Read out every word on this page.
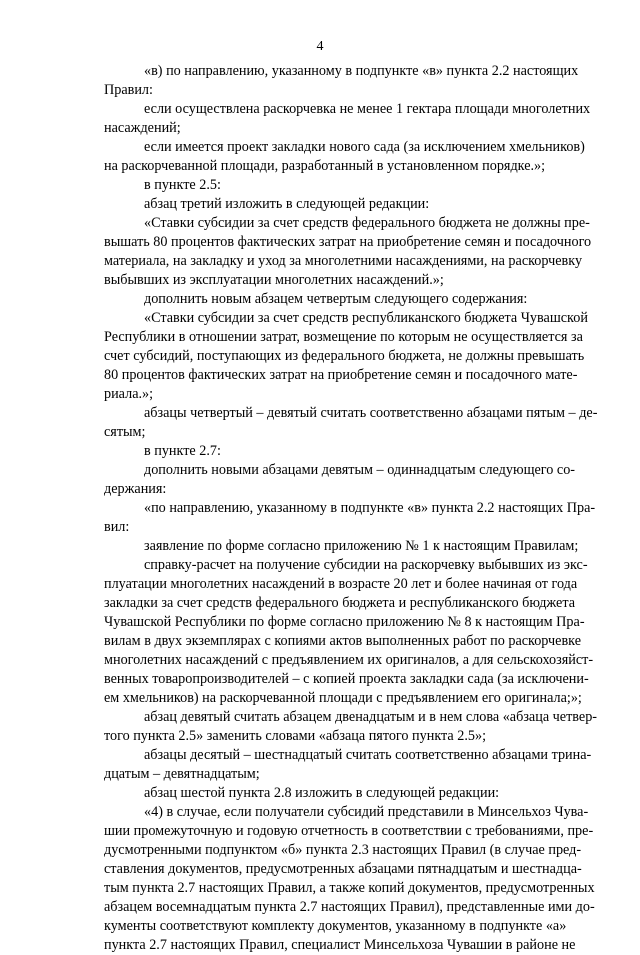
4

«в) по направлению, указанному в подпункте «в» пункта 2.2 настоящих
Правил:

если осуществлена раскорчевка не менее 1 гектара площади многолетних
насаждений;

если имеется проект закладки нового сада (за исключением хмельников)
на раскорчеванной площади, разработанный в установленном порядке.»;

в пункте 2.5:

абзац третий изложить в следующей редакции:

«Ставки субсидии за счет средств федерального бюджета не должны пре-
вышать 80 процентов фактических затрат на приобретение семян и посадочного
материала, на закладку и уход за многолетними насаждениями, на раскорчевку
выбывших из эксплуатации многолетних насаждений.»;

дополнить новым абзацем четвертым следующего содержания:

«Ставки субсидии за счет средств республиканского бюджета Чувашской
Республики в отношении затрат, возмещение по которым не осуществляется за
счет субсидий, поступающих из федерального бюджета, не должны превышать
80 процентов фактических затрат на приобретение семян и посадочного мате-
риала.»;

абзацы четвертый – девятый считать соответственно абзацами пятым – де-
сятым;

в пункте 2.7:

дополнить новыми абзацами девятым – одиннадцатым следующего со-
держания:

«по направлению, указанному в подпункте «в» пункта 2.2 настоящих Пра-
вил:

заявление по форме согласно приложению № 1 к настоящим Правилам;

справку-расчет на получение субсидии на раскорчевку выбывших из экс-
плуатации многолетних насаждений в возрасте 20 лет и более начиная от года
закладки за счет средств федерального бюджета и республиканского бюджета
Чувашской Республики по форме согласно приложению № 8 к настоящим Пра-
вилам в двух экземплярах с копиями актов выполненных работ по раскорчевке
многолетних насаждений с предъявлением их оригиналов, а для сельскохозяйст-
венных товаропроизводителей – с копией проекта закладки сада (за исключени-
ем хмельников) на раскорчеванной площади с предъявлением его оригинала;»;

абзац девятый считать абзацем двенадцатым и в нем слова «абзаца четвер-
того пункта 2.5» заменить словами «абзаца пятого пункта 2.5»;

абзацы десятый – шестнадцатый считать соответственно абзацами трина-
дцатым – девятнадцатым;

абзац шестой пункта 2.8 изложить в следующей редакции:

«4) в случае, если получатели субсидий представили в Минсельхоз Чува-
шии промежуточную и годовую отчетность в соответствии с требованиями, пре-
дусмотренными подпунктом «б» пункта 2.3 настоящих Правил (в случае пред-
ставления документов, предусмотренных абзацами пятнадцатым и шестнадца-
тым пункта 2.7 настоящих Правил, а также копий документов, предусмотренных
абзацем восемнадцатым пункта 2.7 настоящих Правил), представленные ими до-
кументы соответствуют комплекту документов, указанному в подпункте «а»
пункта 2.7 настоящих Правил, специалист Минсельхоза Чувашии в районе не
